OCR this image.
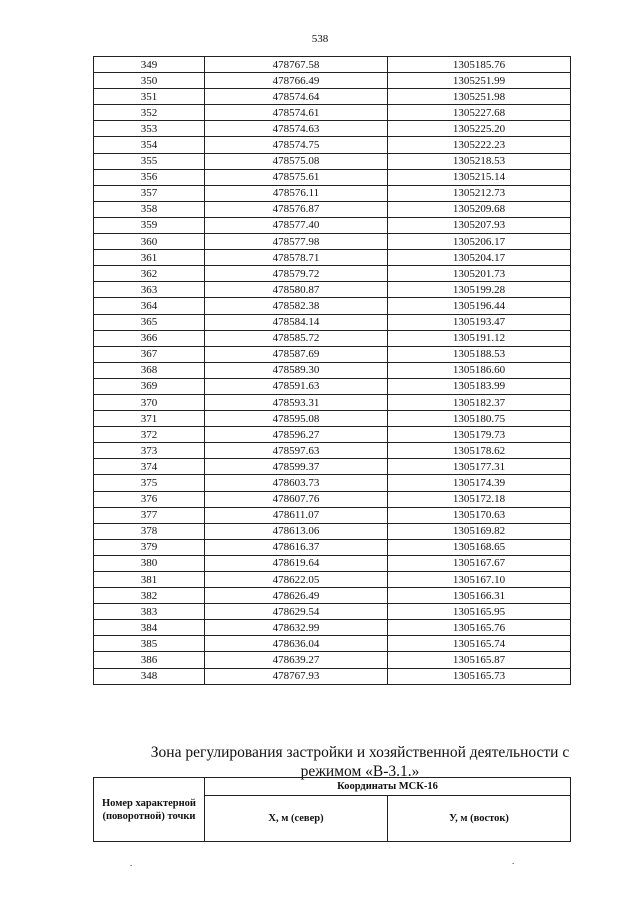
538
349	478767.58	1305185.76
350	478766.49	1305251.99
351	478574.64	1305251.98
352	478574.61	1305227.68
353	478574.63	1305225.20
354	478574.75	1305222.23
355	478575.08	1305218.53
356	478575.61	1305215.14
357	478576.11	1305212.73
358	478576.87	1305209.68
359	478577.40	1305207.93
360	478577.98	1305206.17
361	478578.71	1305204.17
362	478579.72	1305201.73
363	478580.87	1305199.28
364	478582.38	1305196.44
365	478584.14	1305193.47
366	478585.72	1305191.12
367	478587.69	1305188.53
368	478589.30	1305186.60
369	478591.63	1305183.99
370	478593.31	1305182.37
371	478595.08	1305180.75
372	478596.27	1305179.73
373	478597.63	1305178.62
374	478599.37	1305177.31
375	478603.73	1305174.39
376	478607.76	1305172.18
377	478611.07	1305170.63
378	478613.06	1305169.82
379	478616.37	1305168.65
380	478619.64	1305167.67
381	478622.05	1305167.10
382	478626.49	1305166.31
383	478629.54	1305165.95
384	478632.99	1305165.76
385	478636.04	1305165.74
386	478639.27	1305165.87
348	478767.93	1305165.73
Зона регулирования застройки и хозяйственной деятельности с режимом «В-3.1.»
Номер характерной (поворотной) точки	Координаты МСК-16	
	X, м (север)	У, м (восток)
.	.
